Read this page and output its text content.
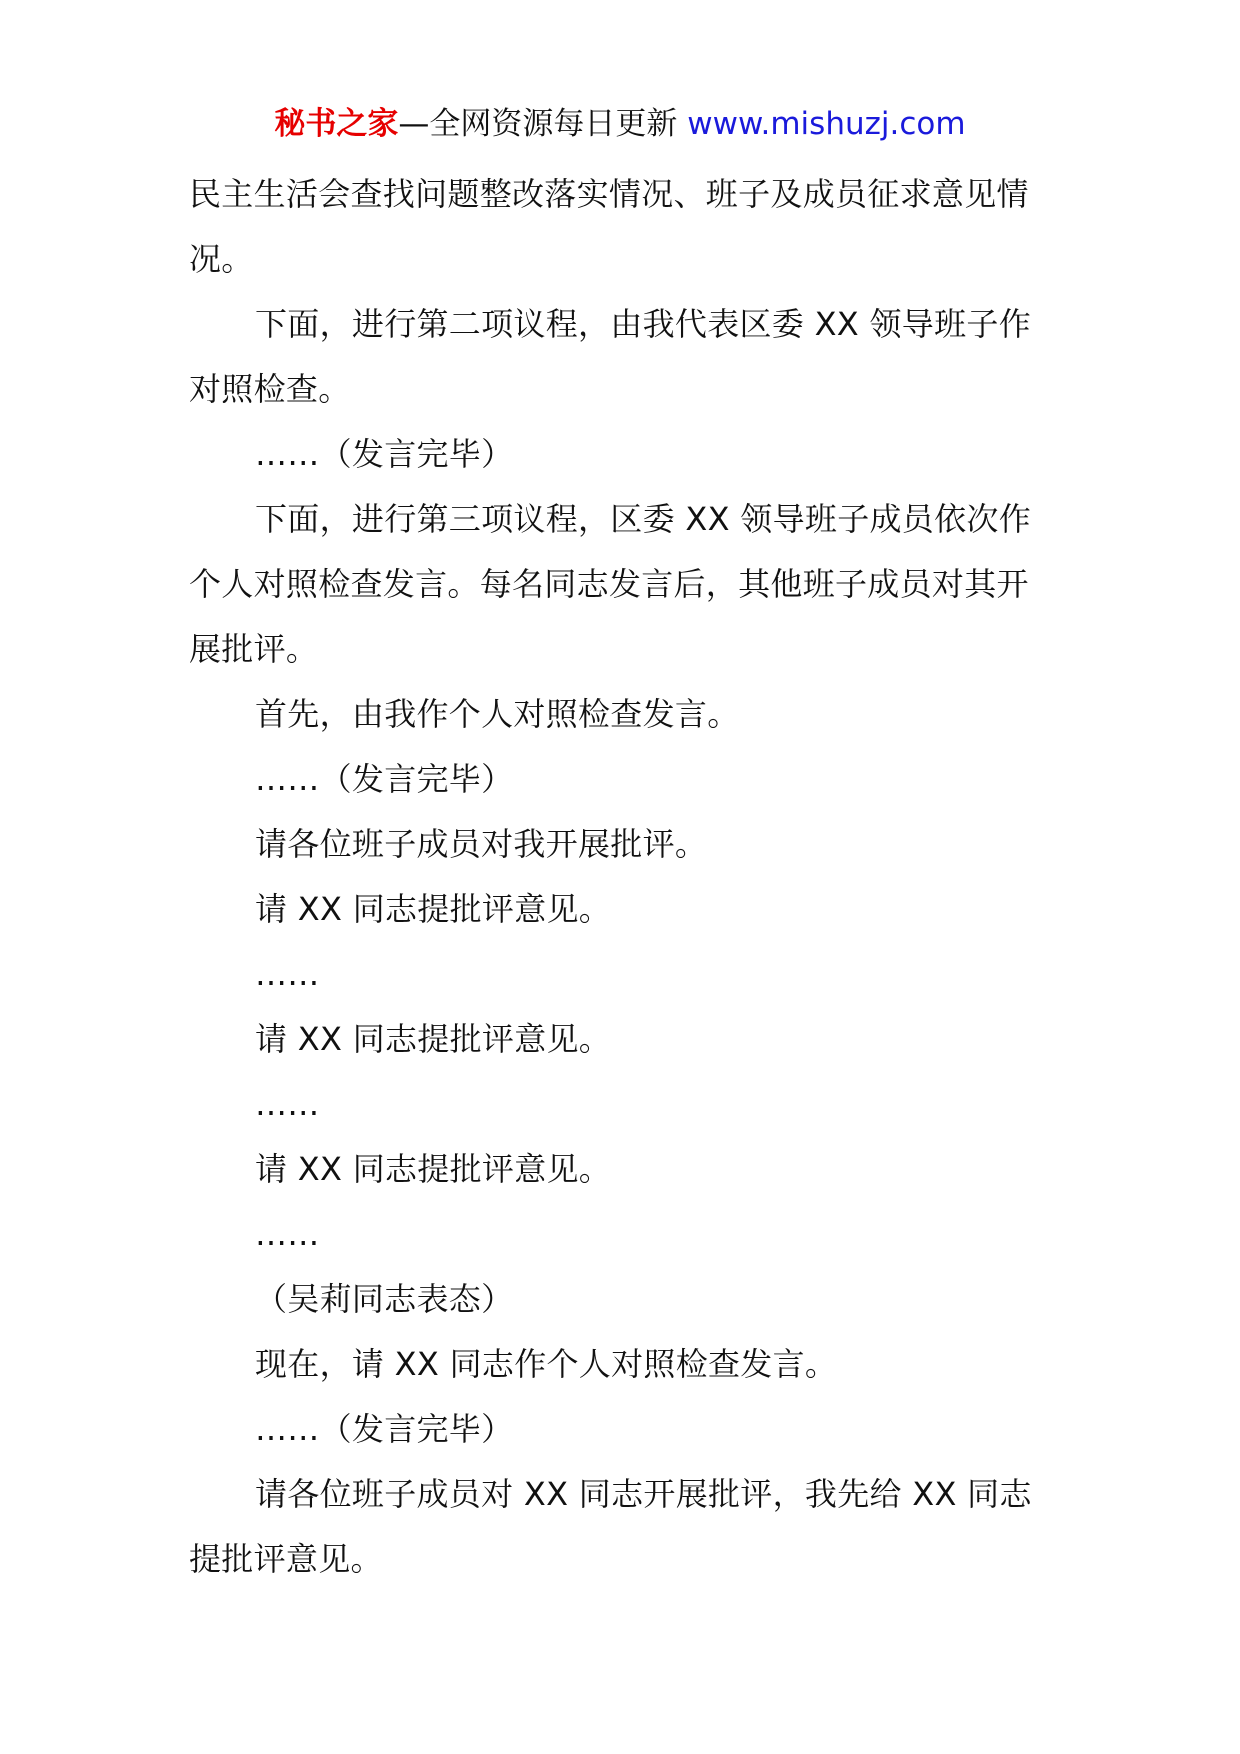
秘书之家—全网资源每日更新 www.mishuzj.com

民主生活会查找问题整改落实情况、班子及成员征求意见情况。

下面，进行第二项议程，由我代表区委 XX 领导班子作对照检查。

……（发言完毕）

下面，进行第三项议程，区委 XX 领导班子成员依次作个人对照检查发言。每名同志发言后，其他班子成员对其开展批评。

首先，由我作个人对照检查发言。

……（发言完毕）

请各位班子成员对我开展批评。

请 XX 同志提批评意见。

……

请 XX 同志提批评意见。

……

请 XX 同志提批评意见。

……

（吴莉同志表态）

现在，请 XX 同志作个人对照检查发言。

……（发言完毕）

请各位班子成员对 XX 同志开展批评，我先给 XX 同志提批评意见。
